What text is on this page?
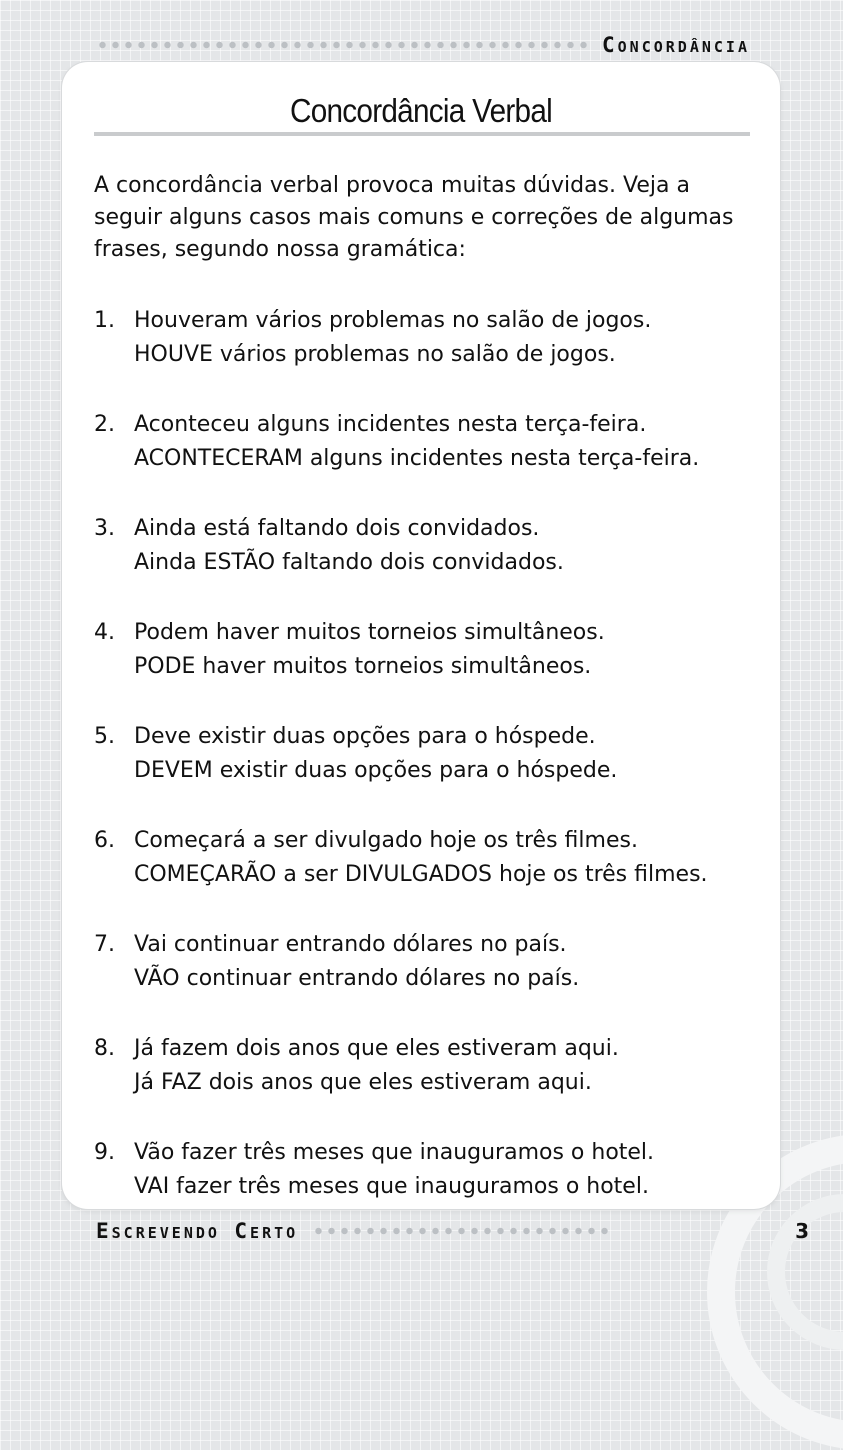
CONCORDÂNCIA
Concordância Verbal

A concordância verbal provoca muitas dúvidas. Veja a seguir alguns casos mais comuns e correções de algumas frases, segundo nossa gramática:

1. Houveram vários problemas no salão de jogos.
HOUVE vários problemas no salão de jogos.
2. Aconteceu alguns incidentes nesta terça-feira.
ACONTECERAM alguns incidentes nesta terça-feira.
3. Ainda está faltando dois convidados.
Ainda ESTÃO faltando dois convidados.
4. Podem haver muitos torneios simultâneos.
PODE haver muitos torneios simultâneos.
5. Deve existir duas opções para o hóspede.
DEVEM existir duas opções para o hóspede.
6. Começará a ser divulgado hoje os três filmes.
COMEÇARÃO a ser DIVULGADOS hoje os três filmes.
7. Vai continuar entrando dólares no país.
VÃO continuar entrando dólares no país.
8. Já fazem dois anos que eles estiveram aqui.
Já FAZ dois anos que eles estiveram aqui.
9. Vão fazer três meses que inauguramos o hotel.
VAI fazer três meses que inauguramos o hotel.
ESCREVENDO CERTO	3
